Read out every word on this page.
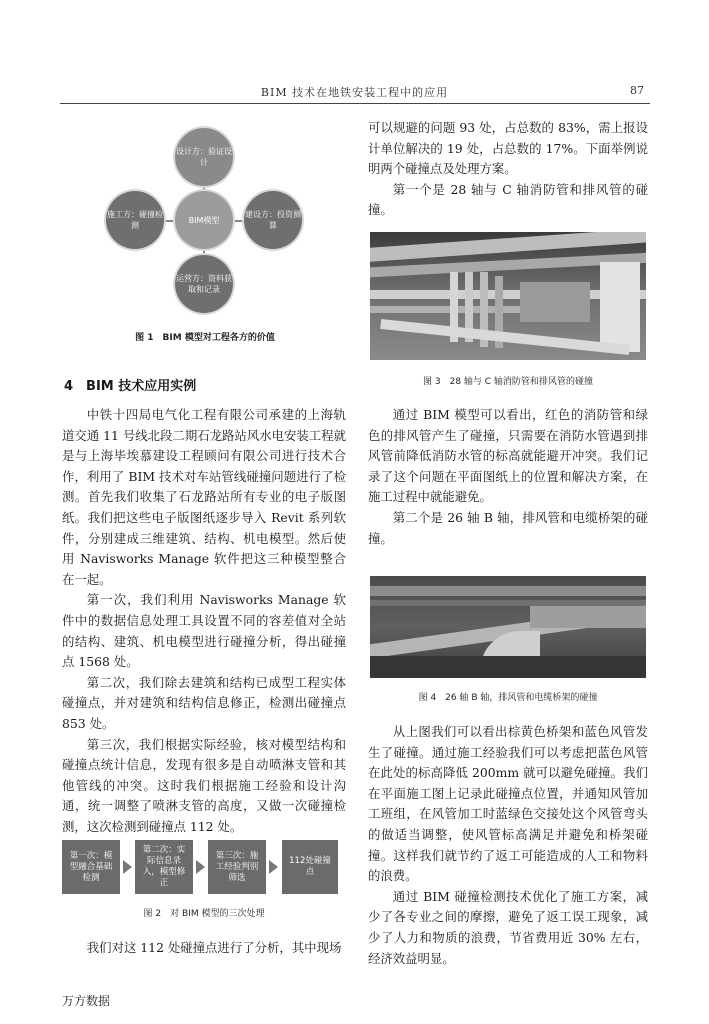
BIM 技术在地铁安装工程中的应用	87
设计方：验证设计
施工方：碰撞检测
BIM模型
建设方：投资测算
运营方：资料获取和记录
图 1　BIM 模型对工程各方的价值
4　BIM 技术应用实例

中铁十四局电气化工程有限公司承建的上海轨道交通 11 号线北段二期石龙路站风水电安装工程就是与上海毕埃慕建设工程顾问有限公司进行技术合作，利用了 BIM 技术对车站管线碰撞问题进行了检测。首先我们收集了石龙路站所有专业的电子版图纸。我们把这些电子版图纸逐步导入 Revit 系列软件，分别建成三维建筑、结构、机电模型。然后使用 Navisworks Manage 软件把这三种模型整合在一起。

第一次，我们利用 Navisworks Manage 软件中的数据信息处理工具设置不同的容差值对全站的结构、建筑、机电模型进行碰撞分析，得出碰撞点 1568 处。

第二次，我们除去建筑和结构已成型工程实体碰撞点，并对建筑和结构信息修正，检测出碰撞点 853 处。

第三次，我们根据实际经验，核对模型结构和碰撞点统计信息，发现有很多是自动喷淋支管和其他管线的冲突。这时我们根据施工经验和设计沟通，统一调整了喷淋支管的高度，又做一次碰撞检测，这次检测到碰撞点 112 处。

第一次：模型融合基础检测
第二次：实际信息录入，模型修正
第三次：施工经验判别筛选
112处碰撞点
图 2　对 BIM 模型的三次处理

我们对这 112 处碰撞点进行了分析，其中现场

可以规避的问题 93 处，占总数的 83%，需上报设计单位解决的 19 处，占总数的 17%。下面举例说明两个碰撞点及处理方案。

第一个是 28 轴与 C 轴消防管和排风管的碰撞。

图 3　28 轴与 C 轴消防管和排风管的碰撞

通过 BIM 模型可以看出，红色的消防管和绿色的排风管产生了碰撞，只需要在消防水管遇到排风管前降低消防水管的标高就能避开冲突。我们记录了这个问题在平面图纸上的位置和解决方案，在施工过程中就能避免。

第二个是 26 轴 B 轴，排风管和电缆桥架的碰撞。

图 4　26 轴 B 轴，排风管和电缆桥架的碰撞

从上图我们可以看出棕黄色桥架和蓝色风管发生了碰撞。通过施工经验我们可以考虑把蓝色风管在此处的标高降低 200mm 就可以避免碰撞。我们在平面施工图上记录此碰撞点位置，并通知风管加工班组，在风管加工时蓝绿色交接处这个风管弯头的做适当调整，使风管标高满足并避免和桥架碰撞。这样我们就节约了返工可能造成的人工和物料的浪费。

通过 BIM 碰撞检测技术优化了施工方案，减少了各专业之间的摩擦，避免了返工误工现象，减少了人力和物质的浪费，节省费用近 30% 左右，经济效益明显。

万方数据
